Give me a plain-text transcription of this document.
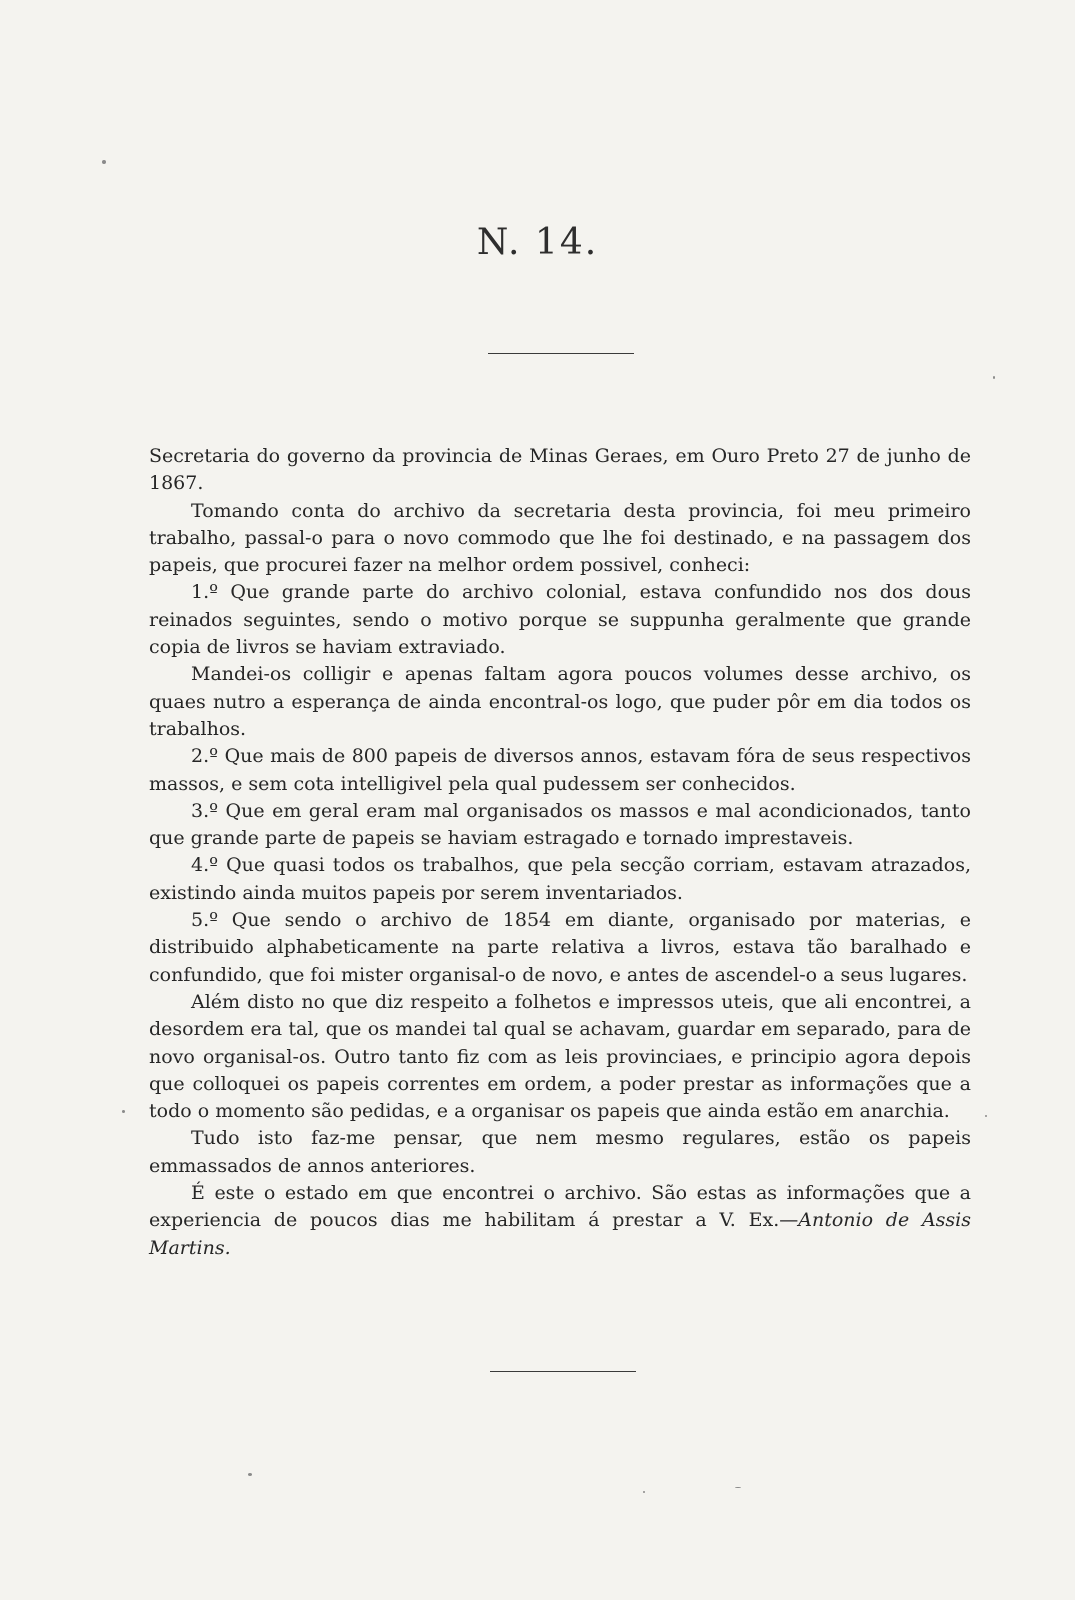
N. 14.

Secretaria do governo da provincia de Minas Geraes, em Ouro Preto 27 de junho de 1867.

Tomando conta do archivo da secretaria desta provincia, foi meu primeiro trabalho, passal-o para o novo commodo que lhe foi destinado, e na passagem dos papeis, que procurei fazer na melhor ordem possivel, conheci:

1.º Que grande parte do archivo colonial, estava confundido nos dos dous reinados seguintes, sendo o motivo porque se suppunha geralmente que grande copia de livros se haviam extraviado.

Mandei-os colligir e apenas faltam agora poucos volumes desse archivo, os quaes nutro a esperança de ainda encontral-os logo, que puder pôr em dia todos os trabalhos.

2.º Que mais de 800 papeis de diversos annos, estavam fóra de seus respectivos massos, e sem cota intelligivel pela qual pudessem ser conhecidos.

3.º Que em geral eram mal organisados os massos e mal acondicionados, tanto que grande parte de papeis se haviam estragado e tornado imprestaveis.

4.º Que quasi todos os trabalhos, que pela secção corriam, estavam atrazados, existindo ainda muitos papeis por serem inventariados.

5.º Que sendo o archivo de 1854 em diante, organisado por materias, e distribuido alphabeticamente na parte relativa a livros, estava tão baralhado e confundido, que foi mister organisal-o de novo, e antes de ascendel-o a seus lugares.

Além disto no que diz respeito a folhetos e impressos uteis, que ali encontrei, a desordem era tal, que os mandei tal qual se achavam, guardar em separado, para de novo organisal-os. Outro tanto fiz com as leis provinciaes, e principio agora depois que colloquei os papeis correntes em ordem, a poder prestar as informações que a todo o momento são pedidas, e a organisar os papeis que ainda estão em anarchia.

Tudo isto faz-me pensar, que nem mesmo regulares, estão os papeis emmassados de annos anteriores.

É este o estado em que encontrei o archivo. São estas as informações que a experiencia de poucos dias me habilitam á prestar a V. Ex.—Antonio de Assis Martins.
